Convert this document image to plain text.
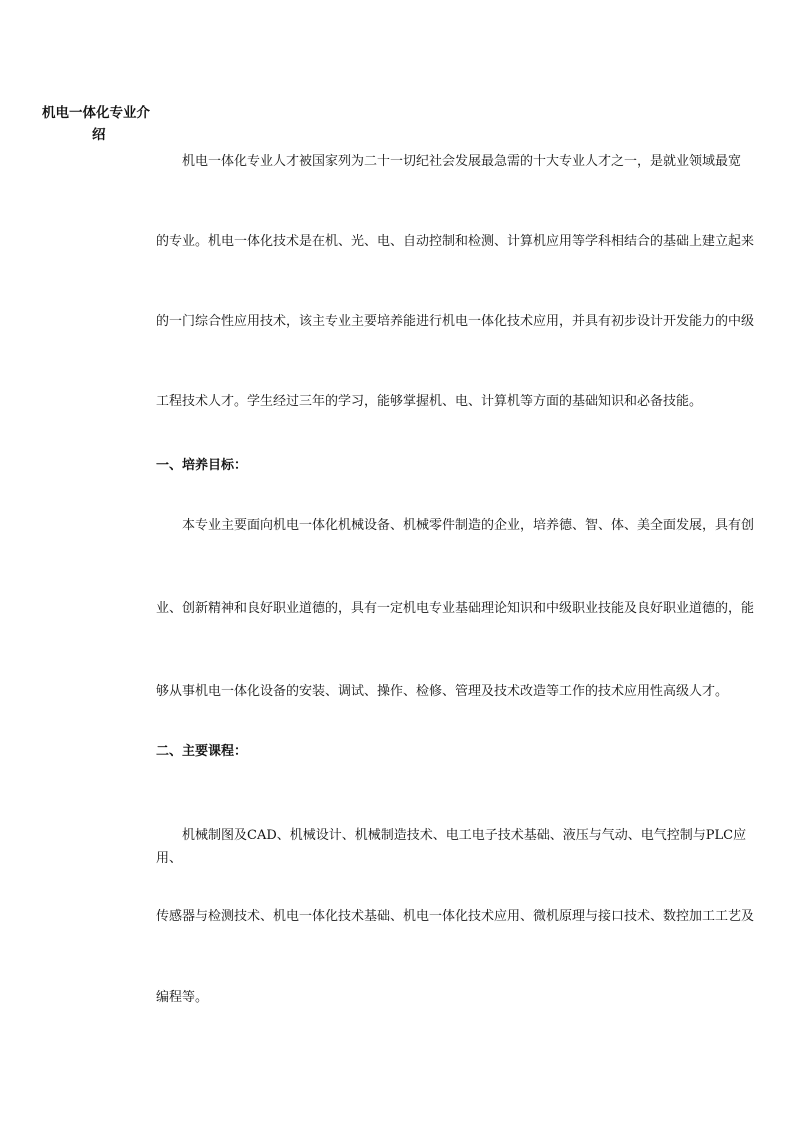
机电一体化专业介
绍

　　机电一体化专业人才被国家列为二十一切纪社会发展最急需的十大专业人才之一，是就业领域最宽

的专业。机电一体化技术是在机、光、电、自动控制和检测、计算机应用等学科相结合的基础上建立起来

的一门综合性应用技术，该主专业主要培养能进行机电一体化技术应用，并具有初步设计开发能力的中级

工程技术人才。学生经过三年的学习，能够掌握机、电、计算机等方面的基础知识和必备技能。

一、培养目标：

　　本专业主要面向机电一体化机械设备、机械零件制造的企业，培养德、智、体、美全面发展，具有创

业、创新精神和良好职业道德的，具有一定机电专业基础理论知识和中级职业技能及良好职业道德的，能

够从事机电一体化设备的安装、调试、操作、检修、管理及技术改造等工作的技术应用性高级人才。

二、主要课程：

　　机械制图及CAD、机械设计、机械制造技术、电工电子技术基础、液压与气动、电气控制与PLC应用、

传感器与检测技术、机电一体化技术基础、机电一体化技术应用、微机原理与接口技术、数控加工工艺及

编程等。
